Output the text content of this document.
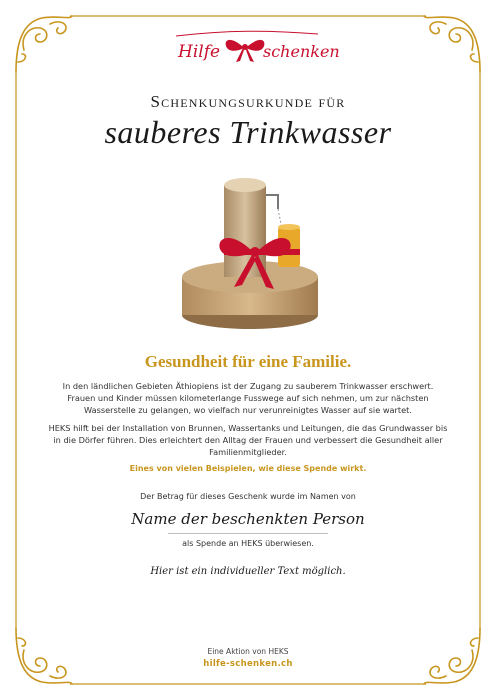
Hilfe	schenken
Schenkungsurkunde für
sauberes Trinkwasser
Gesundheit für eine Familie.
In den ländlichen Gebieten Äthiopiens ist der Zugang zu sauberem Trinkwasser erschwert. Frauen und Kinder müssen kilometerlange Fusswege auf sich nehmen, um zur nächsten Wasserstelle zu gelangen, wo vielfach nur verunreinigtes Wasser auf sie wartet.
HEKS hilft bei der Installation von Brunnen, Wassertanks und Leitungen, die das Grundwasser bis in die Dörfer führen. Dies erleichtert den Alltag der Frauen und verbessert die Gesundheit aller Familienmitglieder.
Eines von vielen Beispielen, wie diese Spende wirkt.
Der Betrag für dieses Geschenk wurde im Namen von
Name der beschenkten Person
als Spende an HEKS überwiesen.
Hier ist ein individueller Text möglich.
Eine Aktion von HEKS
hilfe-schenken.ch
